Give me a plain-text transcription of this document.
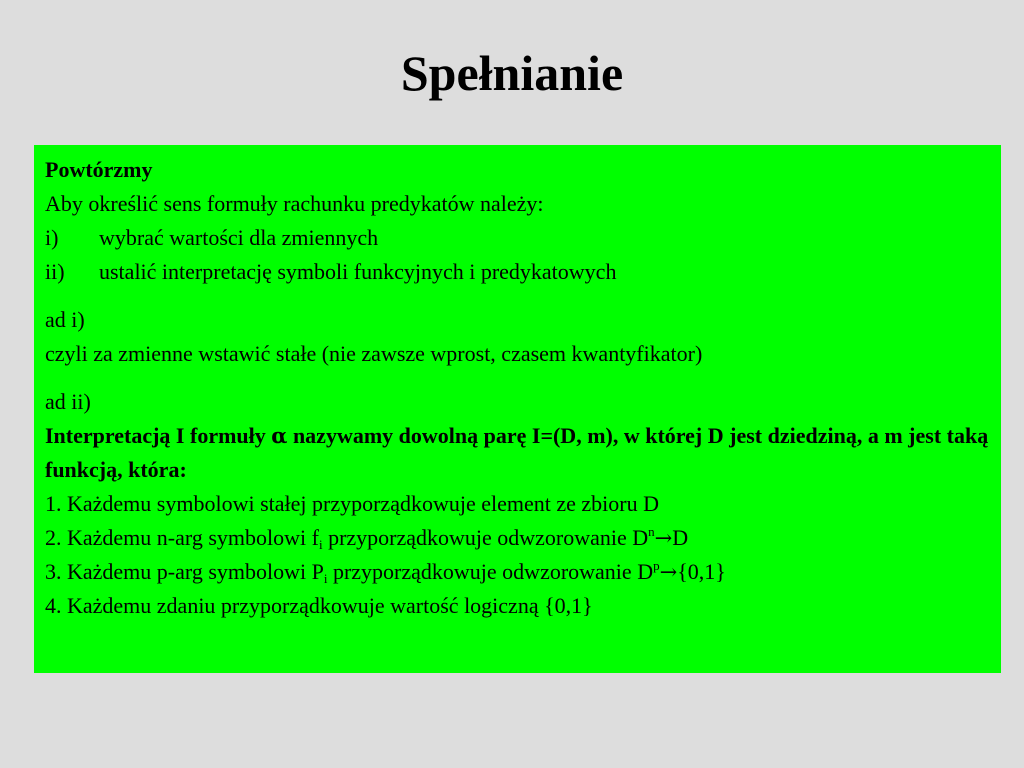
Spełnianie
Powtórzmy
Aby określić sens formuły rachunku predykatów należy:
i)	wybrać wartości dla zmiennych
ii)	ustalić interpretację symboli funkcyjnych i predykatowych
ad i)
czyli za zmienne wstawić stałe (nie zawsze wprost, czasem kwantyfikator)
ad ii)
Interpretacją I formuły α nazywamy dowolną parę I=(D, m), w której D jest dziedziną, a m jest taką funkcją, która:
1. Każdemu symbolowi stałej przyporządkowuje element ze zbioru D
2. Każdemu n-arg symbolowi $f_i$ przyporządkowuje odwzorowanie $D^n\to D$
3. Każdemu p-arg symbolowi $P_i$ przyporządkowuje odwzorowanie $D^p\to\{0,1\}$
4. Każdemu zdaniu przyporządkowuje wartość logiczną {0,1}
